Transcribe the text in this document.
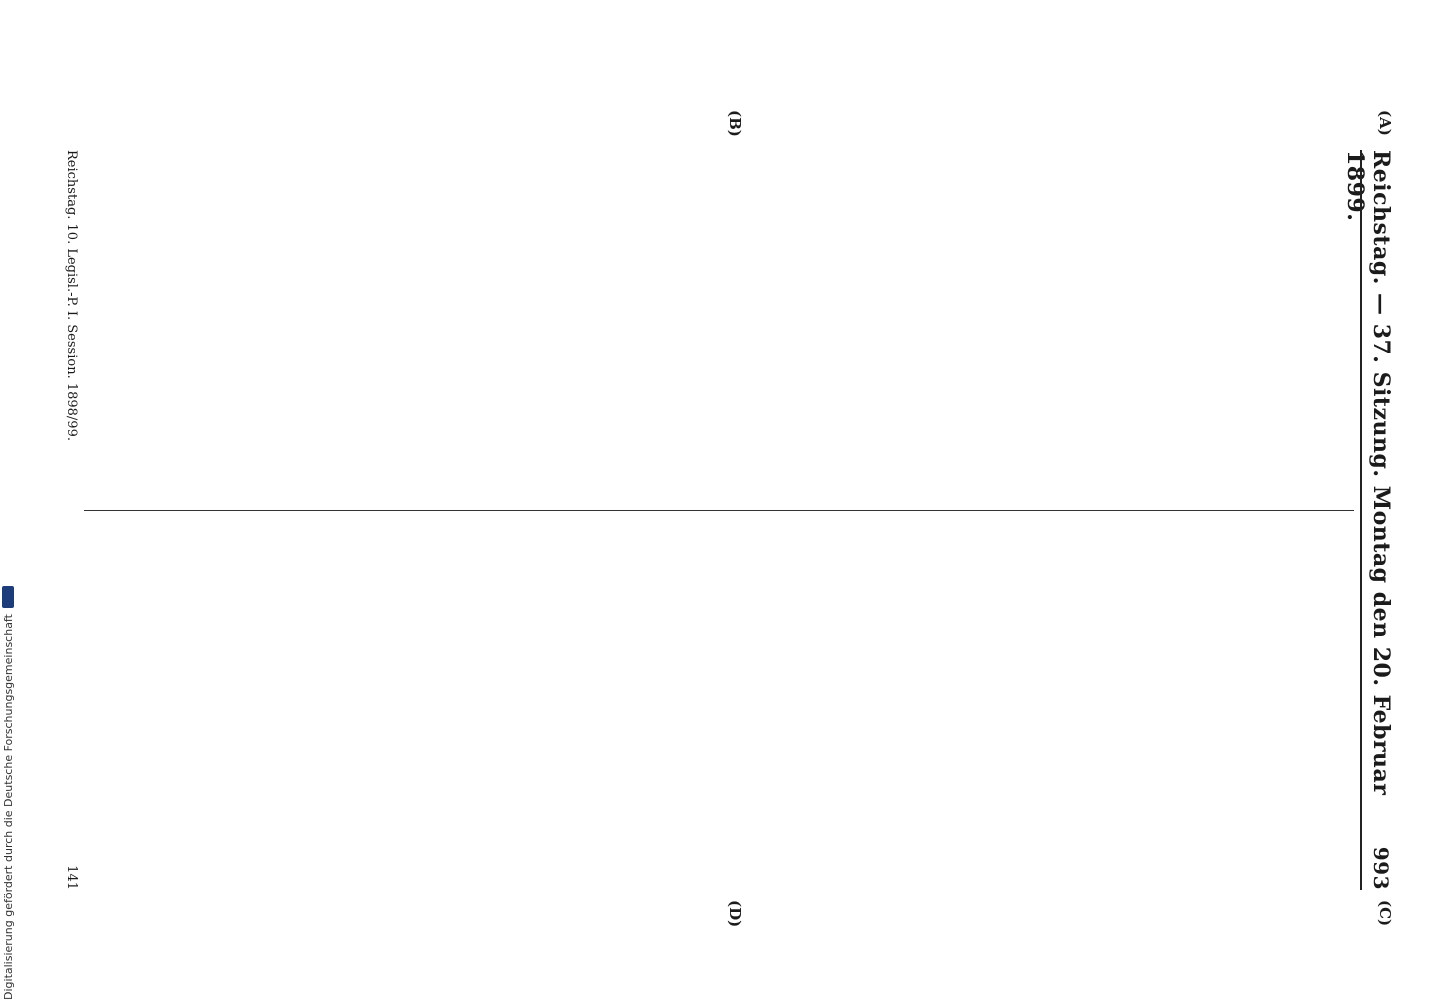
Reichstag. — 37. Sitzung. Montag den 20. Februar 1899.
993
(A)
(B)
(C)
(D)

Reichstag. 10. Legisl.-P. I. Session. 1898/99.
141
Digitalisierung gefördert durch die Deutsche Forschungsgemeinschaft
